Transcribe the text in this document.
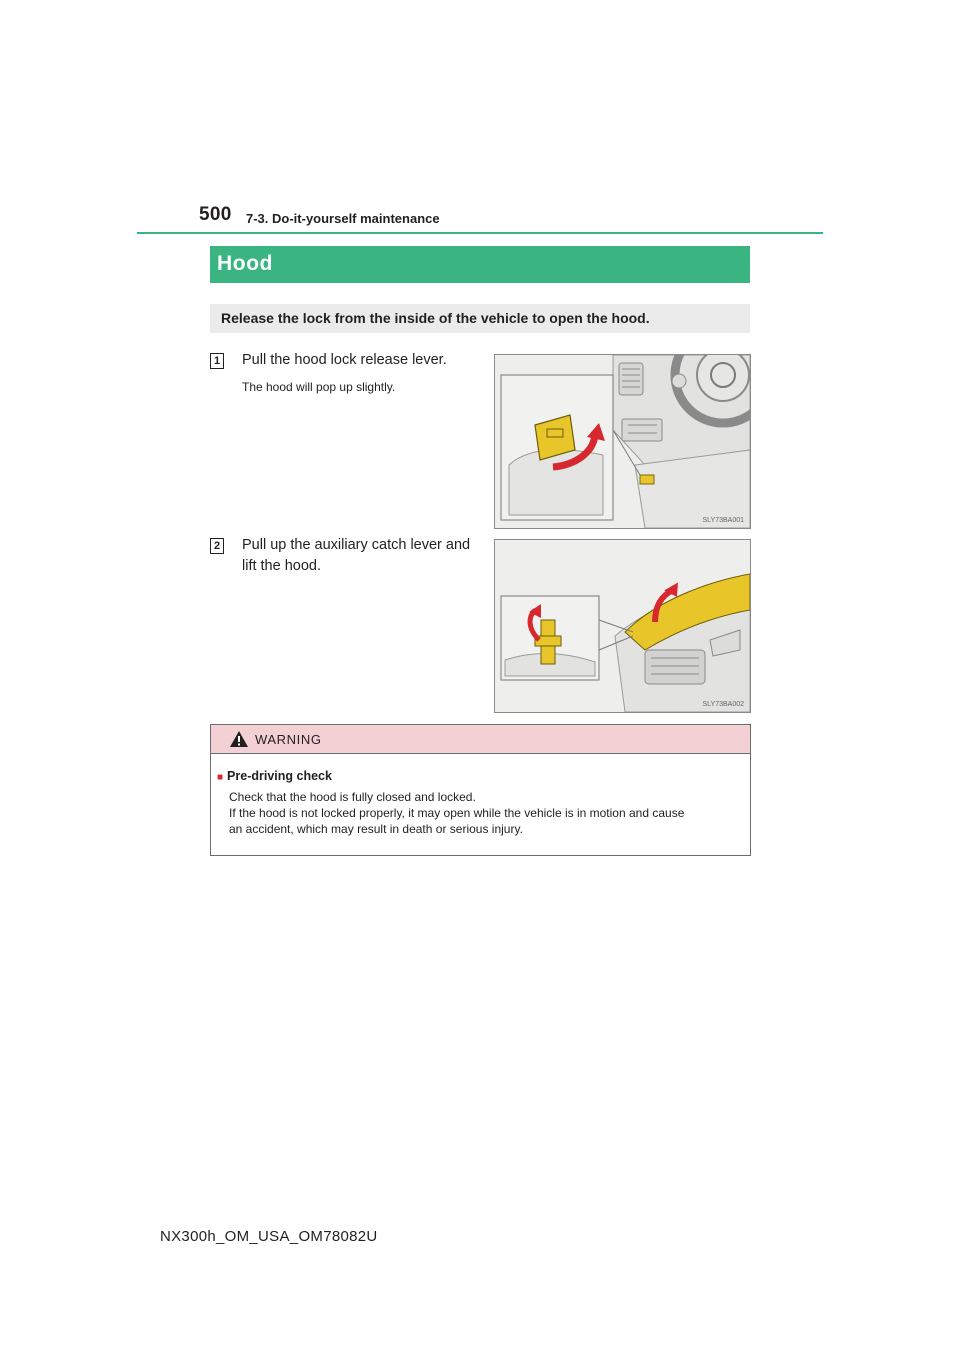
500 7-3. Do-it-yourself maintenance
Hood
Release the lock from the inside of the vehicle to open the hood.
1 Pull the hood lock release lever.
The hood will pop up slightly.
SLY73BA001
2 Pull up the auxiliary catch lever and
lift the hood.
SLY73BA002
WARNING
■ Pre-driving check
Check that the hood is fully closed and locked.
If the hood is not locked properly, it may open while the vehicle is in motion and cause
an accident, which may result in death or serious injury.
NX300h_OM_USA_OM78082U
